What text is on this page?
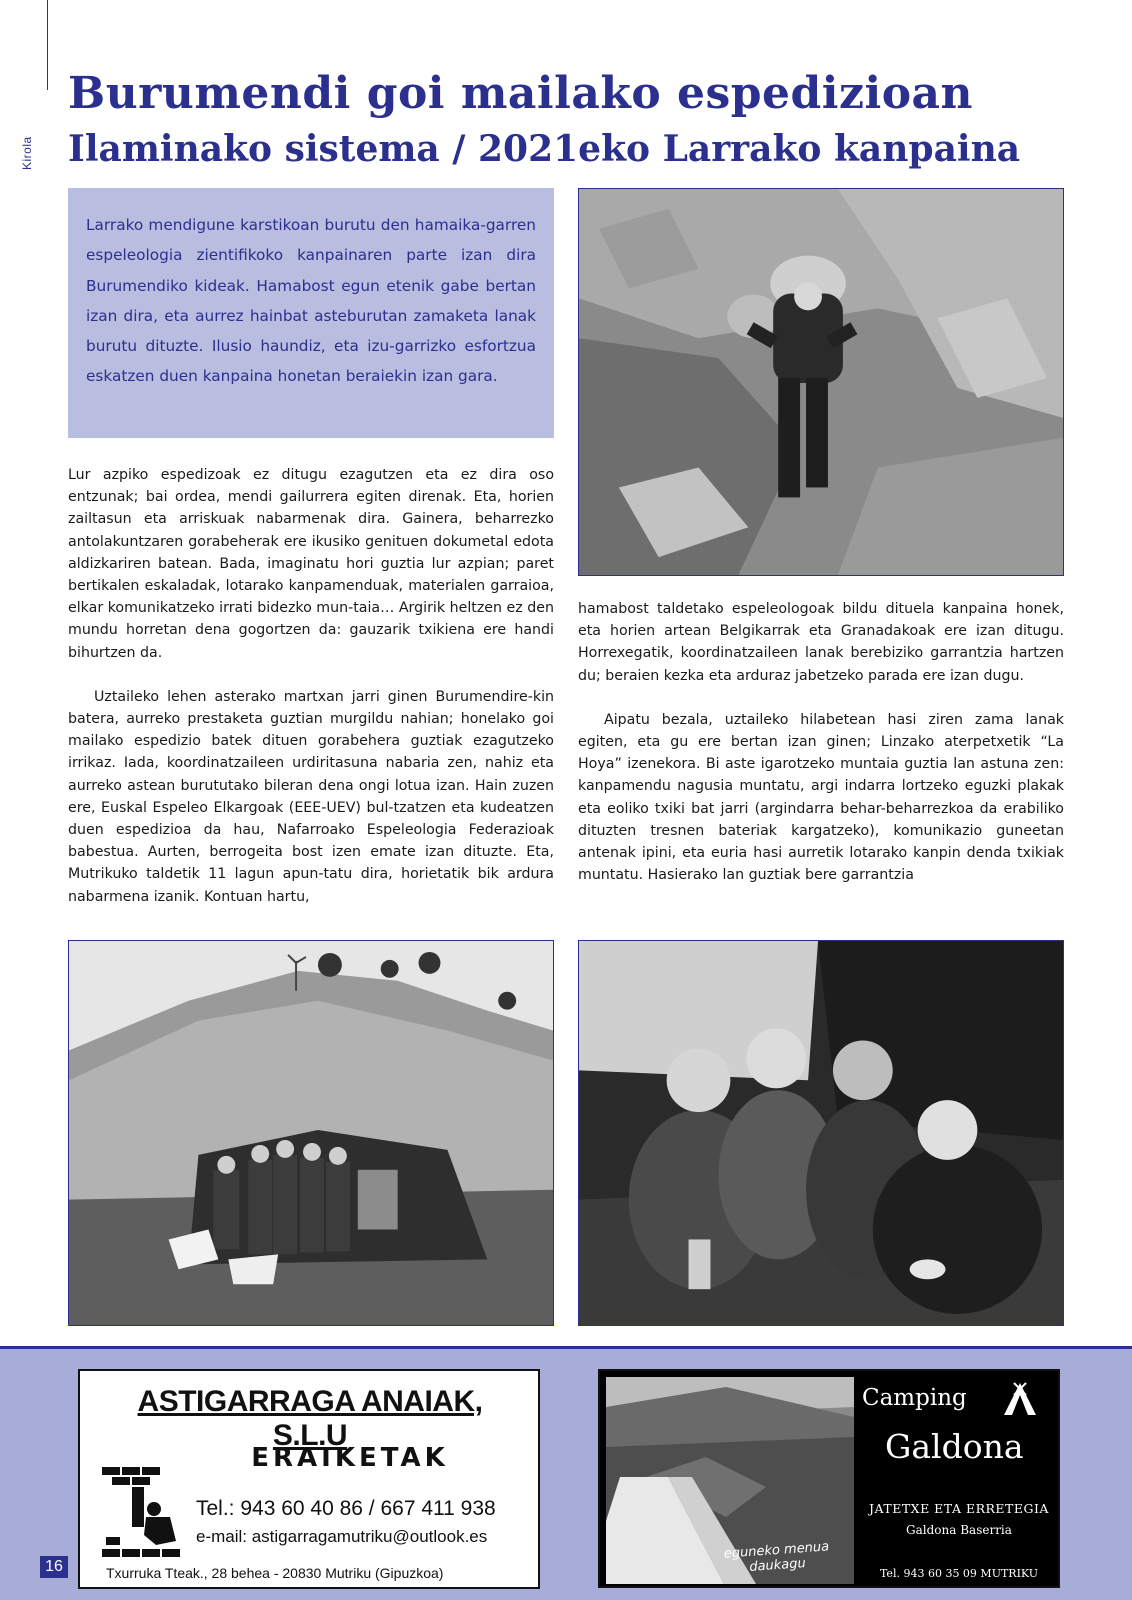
Kirola
Burumendi goi mailako espedizioan
Ilaminako sistema / 2021eko Larrako kanpaina

Larrako mendigune karstikoan burutu den hamaika-garren espeleologia zientifikoko kanpainaren parte izan dira Burumendiko kideak. Hamabost egun etenik gabe bertan izan dira, eta aurrez hainbat asteburutan zamaketa lanak burutu dituzte. Ilusio haundiz, eta izu-garrizko esfortzua eskatzen duen kanpaina honetan beraiekin izan gara.

Lur azpiko espedizoak ez ditugu ezagutzen eta ez dira oso entzunak; bai ordea, mendi gailurrera egiten direnak. Eta, horien zailtasun eta arriskuak nabarmenak dira. Gainera, beharrezko antolakuntzaren gorabeherak ere ikusiko genituen dokumetal edota aldizkariren batean. Bada, imaginatu hori guztia lur azpian; paret bertikalen eskaladak, lotarako kanpamenduak, materialen garraioa, elkar komunikatzeko irrati bidezko mun-taia… Argirik heltzen ez den mundu horretan dena gogortzen da: gauzarik txikiena ere handi bihurtzen da.

Uztaileko lehen asterako martxan jarri ginen Burumendire-kin batera, aurreko prestaketa guztian murgildu nahian; honelako goi mailako espedizio batek dituen gorabehera guztiak ezagutzeko irrikaz. Iada, koordinatzaileen urdiritasuna nabaria zen, nahiz eta aurreko astean burututako bileran dena ongi lotua izan. Hain zuzen ere, Euskal Espeleo Elkargoak (EEE-UEV) bul-tzatzen eta kudeatzen duen espedizioa da hau, Nafarroako Espeleologia Federazioak babestua. Aurten, berrogeita bost izen emate izan dituzte. Eta, Mutrikuko taldetik 11 lagun apun-tatu dira, horietatik bik ardura nabarmena izanik. Kontuan hartu,

hamabost taldetako espeleologoak bildu dituela kanpaina honek, eta horien artean Belgikarrak eta Granadakoak ere izan ditugu. Horrexegatik, koordinatzaileen lanak berebiziko garrantzia hartzen du; beraien kezka eta arduraz jabetzeko parada ere izan dugu.

Aipatu bezala, uztaileko hilabetean hasi ziren zama lanak egiten, eta gu ere bertan izan ginen; Linzako aterpetxetik “La Hoya” izenekora. Bi aste igarotzeko muntaia guztia lan astuna zen: kanpamendu nagusia muntatu, argi indarra lortzeko eguzki plakak eta eoliko txiki bat jarri (argindarra behar-beharrezkoa da erabiliko dituzten tresnen bateriak kargatzeko), komunikazio guneetan antenak ipini, eta euria hasi aurretik lotarako kanpin denda txikiak muntatu. Hasierako lan guztiak bere garrantzia

ASTIGARRAGA ANAIAK, S.L.U
ERAIKETAK
Tel.: 943 60 40 86 / 667 411 938
e-mail: astigarragamutriku@outlook.es
Txurruka Tteak., 28 behea - 20830 Mutriku (Gipuzkoa)
eguneko menua daukagu
Camping
Galdona
JATETXE ETA ERRETEGIA
Galdona Baserria
Tel. 943 60 35 09 MUTRIKU
16
